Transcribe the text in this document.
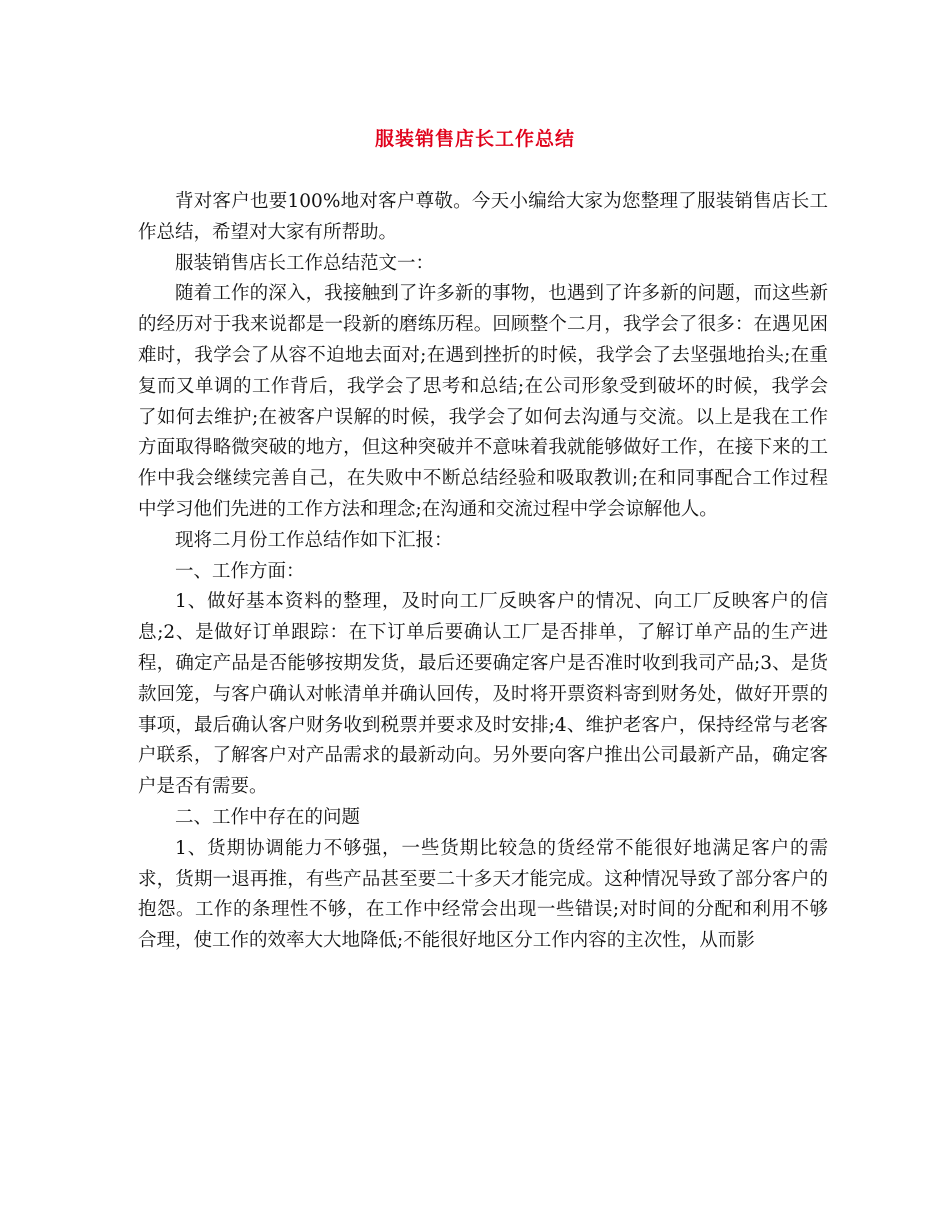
服装销售店长工作总结

背对客户也要100%地对客户尊敬。今天小编给大家为您整理了服装销售店长工作总结，希望对大家有所帮助。

服装销售店长工作总结范文一：

随着工作的深入，我接触到了许多新的事物，也遇到了许多新的问题，而这些新的经历对于我来说都是一段新的磨练历程。回顾整个二月，我学会了很多：在遇见困难时，我学会了从容不迫地去面对;在遇到挫折的时候，我学会了去坚强地抬头;在重复而又单调的工作背后，我学会了思考和总结;在公司形象受到破坏的时候，我学会了如何去维护;在被客户误解的时候，我学会了如何去沟通与交流。以上是我在工作方面取得略微突破的地方，但这种突破并不意味着我就能够做好工作，在接下来的工作中我会继续完善自己，在失败中不断总结经验和吸取教训;在和同事配合工作过程中学习他们先进的工作方法和理念;在沟通和交流过程中学会谅解他人。

现将二月份工作总结作如下汇报：

一、工作方面：

1、做好基本资料的整理，及时向工厂反映客户的情况、向工厂反映客户的信息;2、是做好订单跟踪：在下订单后要确认工厂是否排单，了解订单产品的生产进程，确定产品是否能够按期发货，最后还要确定客户是否准时收到我司产品;3、是货款回笼，与客户确认对帐清单并确认回传，及时将开票资料寄到财务处，做好开票的事项，最后确认客户财务收到税票并要求及时安排;4、维护老客户，保持经常与老客户联系，了解客户对产品需求的最新动向。另外要向客户推出公司最新产品，确定客户是否有需要。

二、工作中存在的问题

1、货期协调能力不够强，一些货期比较急的货经常不能很好地满足客户的需求，货期一退再推，有些产品甚至要二十多天才能完成。这种情况导致了部分客户的抱怨。工作的条理性不够，在工作中经常会出现一些错误;对时间的分配和利用不够合理，使工作的效率大大地降低;不能很好地区分工作内容的主次性，从而影
